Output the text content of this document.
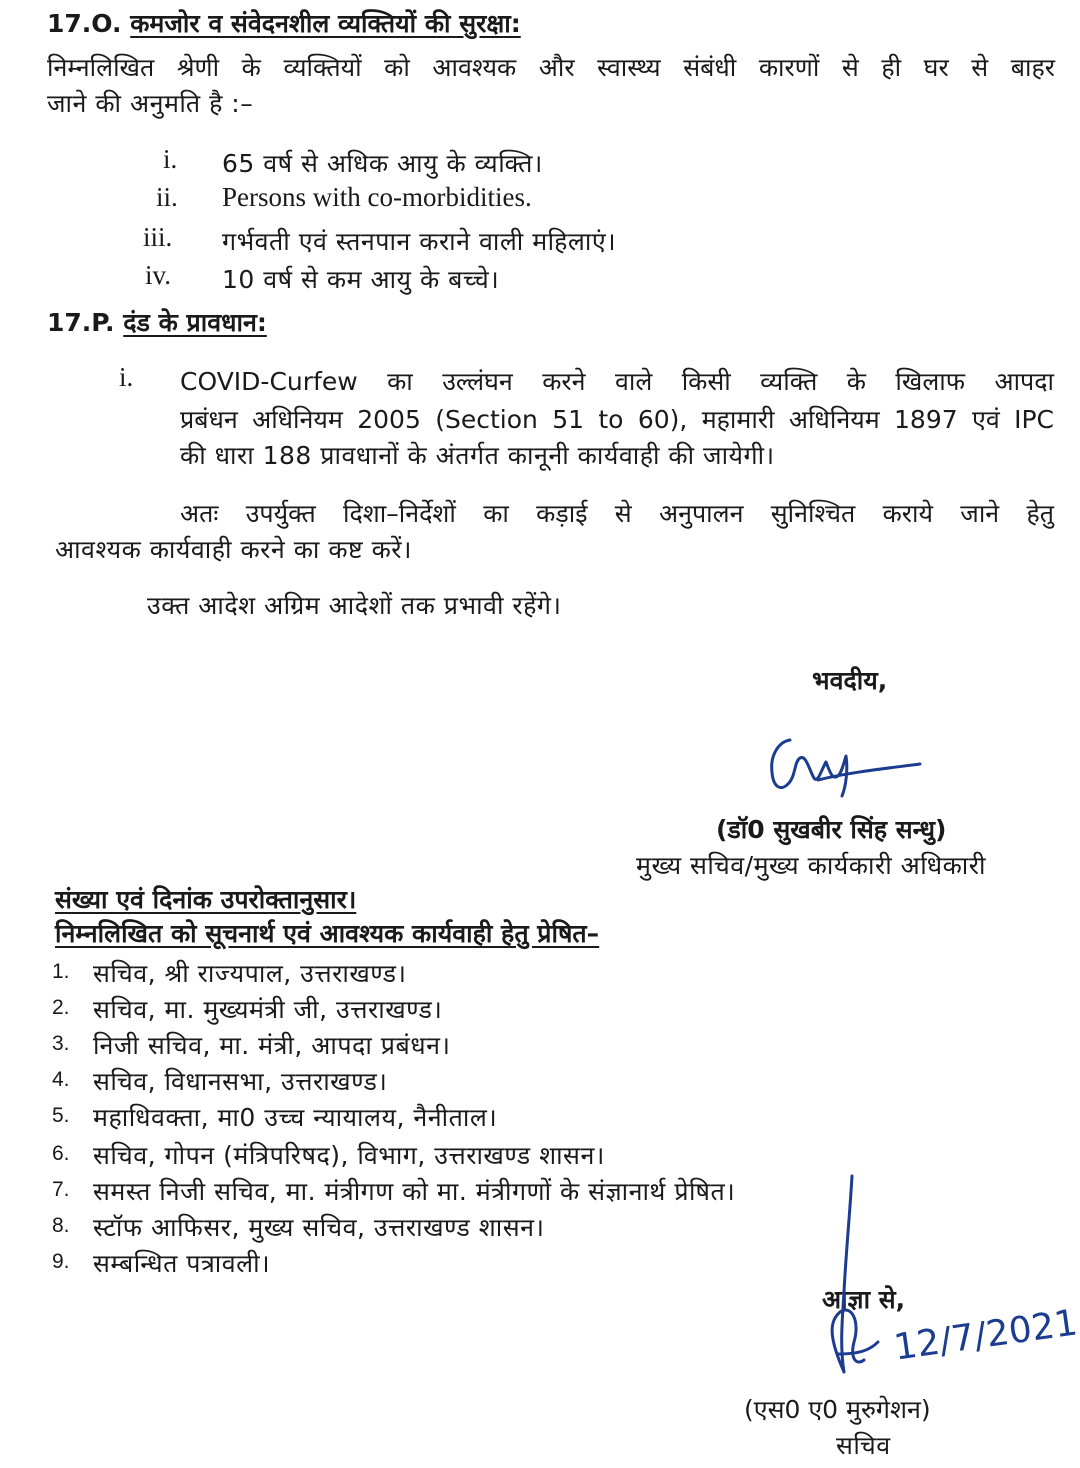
17.O. कमजोर व संवेदनशील व्यक्तियों की सुरक्षा:
निम्नलिखित श्रेणी के व्यक्तियों को आवश्यक और स्वास्थ्य संबंधी कारणों से ही घर से बाहर
जाने की अनुमति है :–
i. 65 वर्ष से अधिक आयु के व्यक्ति।
ii. Persons with co-morbidities.
iii. गर्भवती एवं स्तनपान कराने वाली महिलाएं।
iv. 10 वर्ष से कम आयु के बच्चे।
17.P. दंड के प्रावधान:
i. COVID-Curfew का उल्लंघन करने वाले किसी व्यक्ति के खिलाफ आपदा
प्रबंधन अधिनियम 2005 (Section 51 to 60), महामारी अधिनियम 1897 एवं IPC
की धारा 188 प्रावधानों के अंतर्गत कानूनी कार्यवाही की जायेगी।
अतः उपर्युक्त दिशा–निर्देशों का कड़ाई से अनुपालन सुनिश्चित कराये जाने हेतु
आवश्यक कार्यवाही करने का कष्ट करें।
उक्त आदेश अग्रिम आदेशों तक प्रभावी रहेंगे।
भवदीय,
(डॉ0 सुखबीर सिंह सन्धु)
मुख्य सचिव/मुख्य कार्यकारी अधिकारी
संख्या एवं दिनांक उपरोक्तानुसार।
निम्नलिखित को सूचनार्थ एवं आवश्यक कार्यवाही हेतु प्रेषित–
1. सचिव, श्री राज्यपाल, उत्तराखण्ड।
2. सचिव, मा. मुख्यमंत्री जी, उत्तराखण्ड।
3. निजी सचिव, मा. मंत्री, आपदा प्रबंधन।
4. सचिव, विधानसभा, उत्तराखण्ड।
5. महाधिवक्ता, मा0 उच्च न्यायालय, नैनीताल।
6. सचिव, गोपन (मंत्रिपरिषद), विभाग, उत्तराखण्ड शासन।
7. समस्त निजी सचिव, मा. मंत्रीगण को मा. मंत्रीगणों के संज्ञानार्थ प्रेषित।
8. स्टॉफ आफिसर, मुख्य सचिव, उत्तराखण्ड शासन।
9. सम्बन्धित पत्रावली।
आज्ञा से,
12/7/2021
(एस0 ए0 मुरुगेशन)
सचिव
